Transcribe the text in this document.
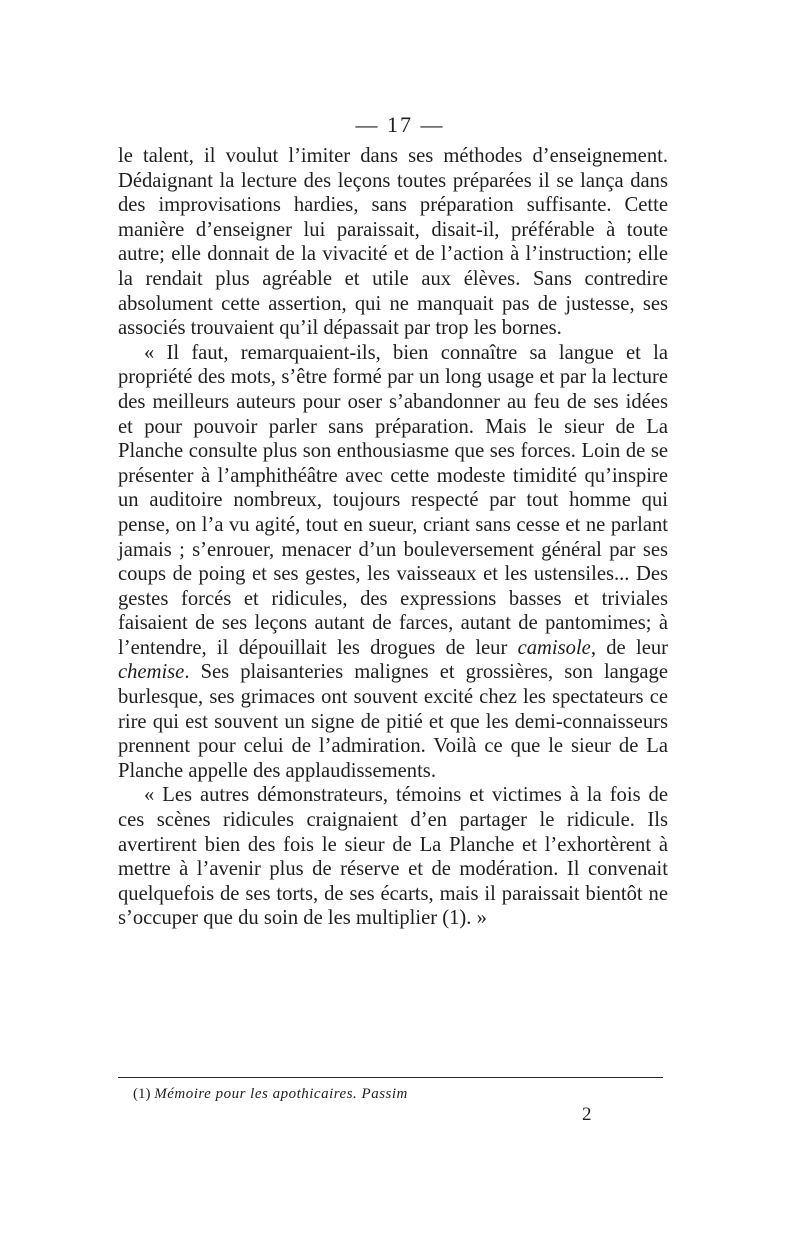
— 17 —

le talent, il voulut l’imiter dans ses méthodes d’enseignement. Dédaignant la lecture des leçons toutes préparées il se lança dans des improvisations hardies, sans préparation suffisante. Cette manière d’enseigner lui paraissait, disait-il, préférable à toute autre; elle donnait de la vivacité et de l’action à l’instruction; elle la rendait plus agréable et utile aux élèves. Sans contredire absolument cette assertion, qui ne manquait pas de justesse, ses associés trouvaient qu’il dépassait par trop les bornes.

« Il faut, remarquaient-ils, bien connaître sa langue et la propriété des mots, s’être formé par un long usage et par la lecture des meilleurs auteurs pour oser s’abandonner au feu de ses idées et pour pouvoir parler sans préparation. Mais le sieur de La Planche consulte plus son enthousiasme que ses forces. Loin de se présenter à l’amphithéâtre avec cette modeste timidité qu’inspire un auditoire nombreux, toujours respecté par tout homme qui pense, on l’a vu agité, tout en sueur, criant sans cesse et ne parlant jamais ; s’enrouer, menacer d’un bouleversement général par ses coups de poing et ses gestes, les vaisseaux et les ustensiles... Des gestes forcés et ridicules, des expressions basses et triviales faisaient de ses leçons autant de farces, autant de pantomimes; à l’entendre, il dépouillait les drogues de leur camisole, de leur chemise. Ses plaisanteries malignes et grossières, son langage burlesque, ses grimaces ont souvent excité chez les spectateurs ce rire qui est souvent un signe de pitié et que les demi-connaisseurs prennent pour celui de l’admiration. Voilà ce que le sieur de La Planche appelle des applaudissements.

« Les autres démonstrateurs, témoins et victimes à la fois de ces scènes ridicules craignaient d’en partager le ridicule. Ils avertirent bien des fois le sieur de La Planche et l’exhortèrent à mettre à l’avenir plus de réserve et de modération. Il convenait quelquefois de ses torts, de ses écarts, mais il paraissait bientôt ne s’occuper que du soin de les multiplier (1). »

(1) Mémoire pour les apothicaires. Passim
2
